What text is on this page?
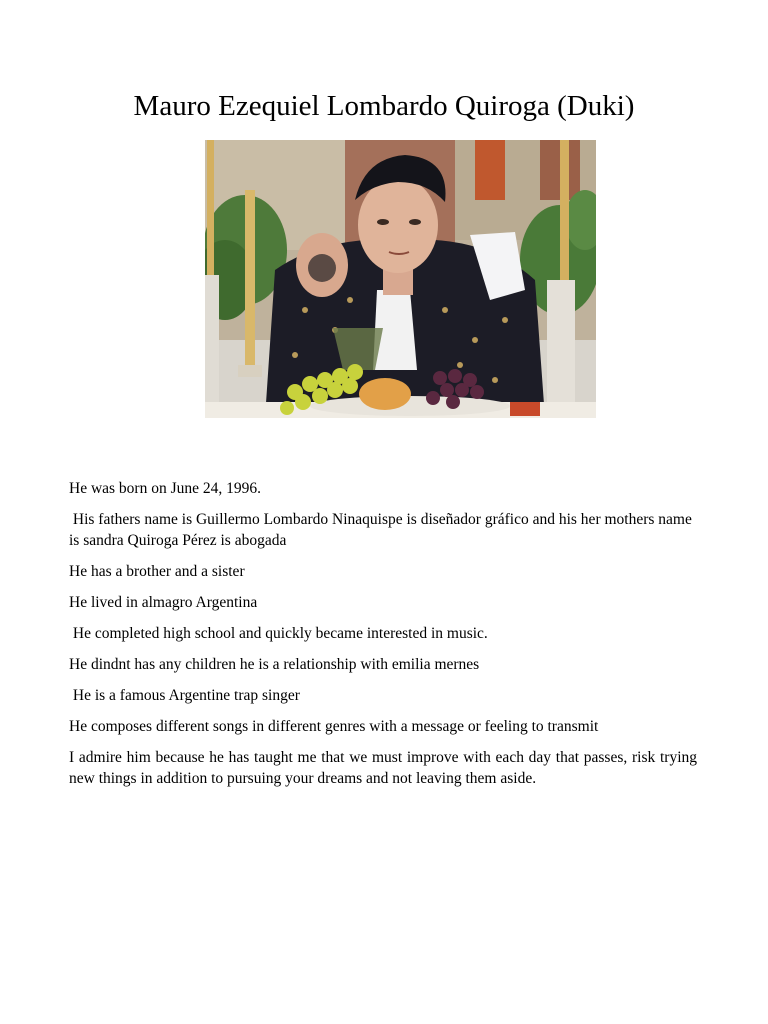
Mauro Ezequiel Lombardo Quiroga (Duki)

He was born on June 24, 1996.

His fathers name is Guillermo Lombardo Ninaquispe is diseñador gráfico and his her mothers name is sandra Quiroga Pérez is abogada

He has a brother and a sister

He lived in almagro Argentina

He completed high school and quickly became interested in music.

He dindnt has any children he is a relationship with emilia mernes

He is a famous Argentine trap singer

He composes different songs in different genres with a message or feeling to transmit

I admire him because he has taught me that we must improve with each day that passes, risk trying new things in addition to pursuing your dreams and not leaving them aside.
